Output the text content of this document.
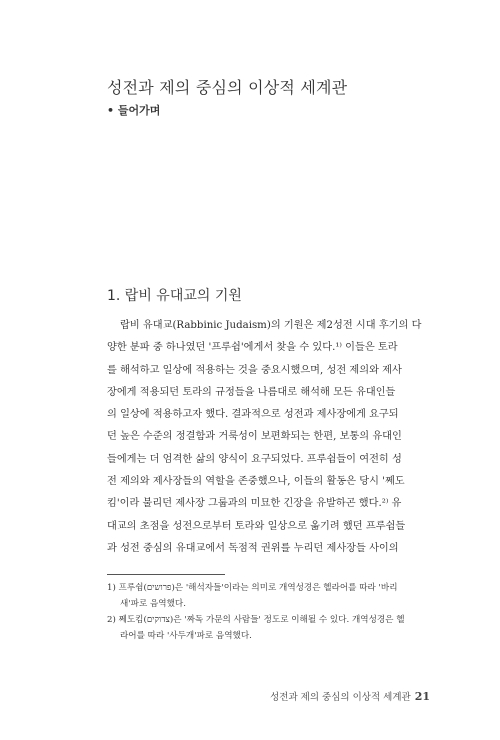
성전과 제의 중심의 이상적 세계관
• 들어가며
1. 랍비 유대교의 기원
랍비 유대교(Rabbinic Judaism)의 기원은 제2성전 시대 후기의 다
양한 분파 중 하나였던 '프루쉼'에게서 찾을 수 있다.¹⁾ 이들은 토라
를 해석하고 일상에 적용하는 것을 중요시했으며, 성전 제의와 제사
장에게 적용되던 토라의 규정들을 나름대로 해석해 모든 유대인들
의 일상에 적용하고자 했다. 결과적으로 성전과 제사장에게 요구되
던 높은 수준의 정결함과 거룩성이 보편화되는 한편, 보통의 유대인
들에게는 더 엄격한 삶의 양식이 요구되었다. 프루쉼들이 여전히 성
전 제의와 제사장들의 역할을 존중했으나, 이들의 활동은 당시 '쩨도
킴'이라 불리던 제사장 그룹과의 미묘한 긴장을 유발하곤 했다.²⁾ 유
대교의 초점을 성전으로부터 토라와 일상으로 옮기려 했던 프루쉼들
과 성전 중심의 유대교에서 독점적 권위를 누리던 제사장들 사이의
1) 프루쉼(פרושים)은 '해석자들'이라는 의미로 개역성경은 헬라어를 따라 '바리
새'파로 음역했다.
2) 쩨도킴(צדוקים)은 '짜독 가문의 사람들' 정도로 이해될 수 있다. 개역성경은 헬
라어를 따라 '사두개'파로 음역했다.
성전과 제의 중심의 이상적 세계관 21
